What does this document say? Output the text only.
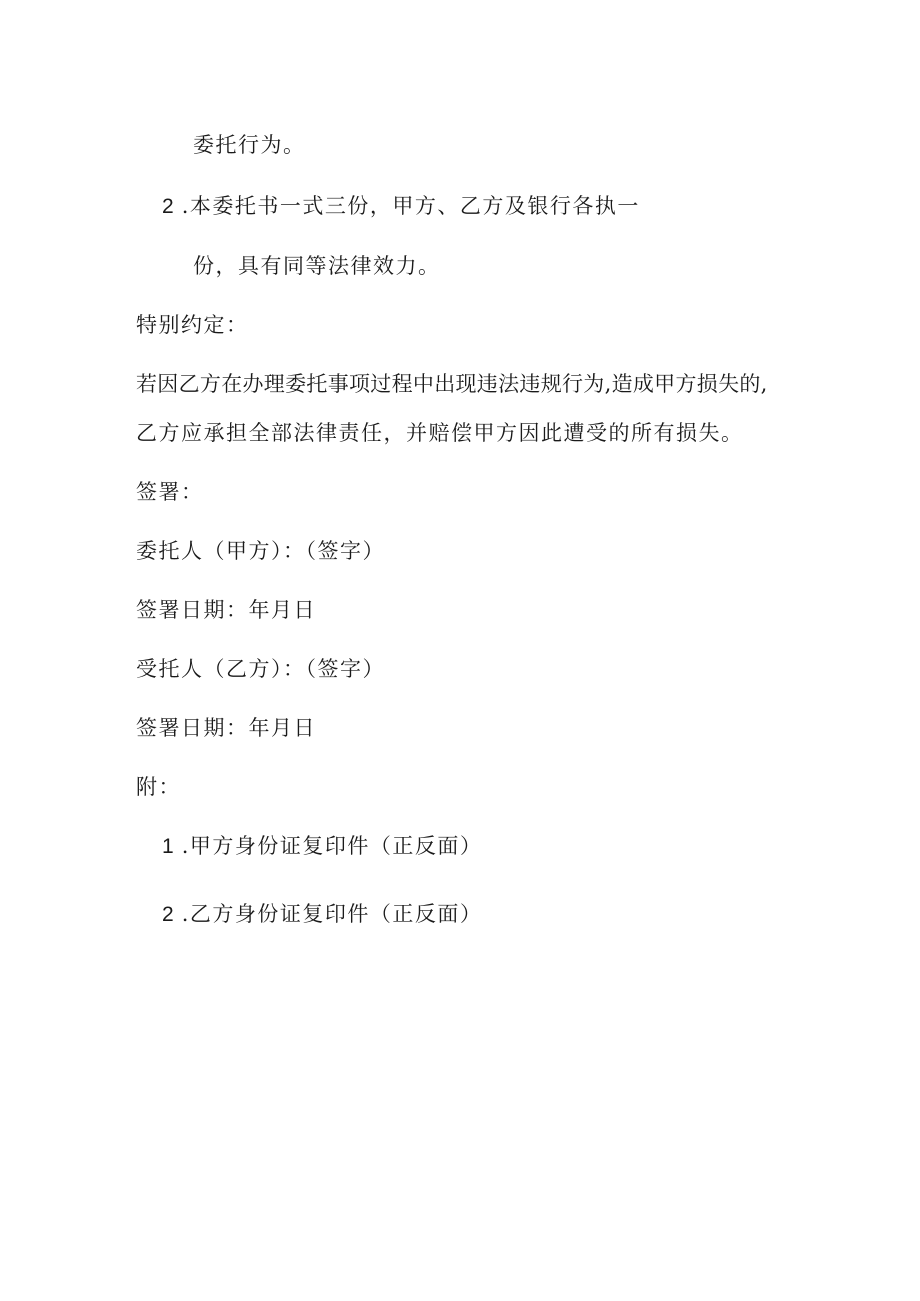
委托行为。
2 .本委托书一式三份，甲方、乙方及银行各执一
份，具有同等法律效力。
特别约定：
若因乙方在办理委托事项过程中出现违法违规行为,造成甲方损失的,
乙方应承担全部法律责任，并赔偿甲方因此遭受的所有损失。
签署：
委托人（甲方）：（签字）
签署日期：年月日
受托人（乙方）：（签字）
签署日期：年月日
附：
1 .甲方身份证复印件（正反面）
2 .乙方身份证复印件（正反面）
